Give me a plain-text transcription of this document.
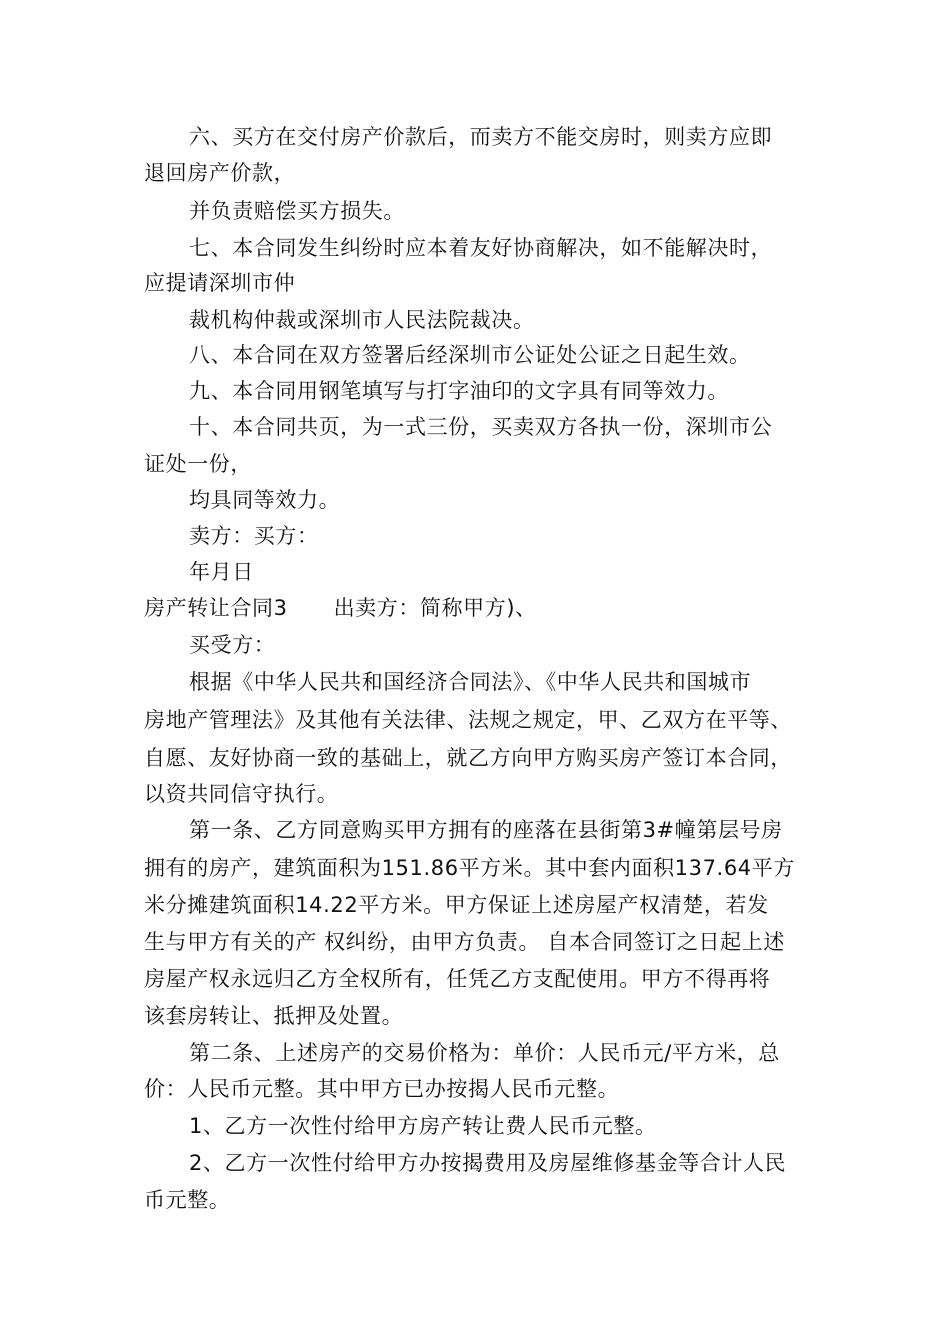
六、买方在交付房产价款后，而卖方不能交房时，则卖方应即
退回房产价款，
并负责赔偿买方损失。
七、本合同发生纠纷时应本着友好协商解决，如不能解决时，
应提请深圳市仲
裁机构仲裁或深圳市人民法院裁决。
八、本合同在双方签署后经深圳市公证处公证之日起生效。
九、本合同用钢笔填写与打字油印的文字具有同等效力。
十、本合同共页，为一式三份，买卖双方各执一份，深圳市公
证处一份，
均具同等效力。
卖方：买方：
年月日
房产转让合同3 出卖方：简称甲方)、
买受方：
根据《中华人民共和国经济合同法》、《中华人民共和国城市
房地产管理法》及其他有关法律、法规之规定，甲、乙双方在平等、
自愿、友好协商一致的基础上，就乙方向甲方购买房产签订本合同，
以资共同信守执行。
第一条、乙方同意购买甲方拥有的座落在县街第3#幢第层号房
拥有的房产，建筑面积为151.86平方米。其中套内面积137.64平方
米分摊建筑面积14.22平方米。甲方保证上述房屋产权清楚，若发
生与甲方有关的产 权纠纷，由甲方负责。 自本合同签订之日起上述
房屋产权永远归乙方全权所有，任凭乙方支配使用。甲方不得再将
该套房转让、抵押及处置。
第二条、上述房产的交易价格为：单价：人民币元/平方米，总
价：人民币元整。其中甲方已办按揭人民币元整。
1、乙方一次性付给甲方房产转让费人民币元整。
2、乙方一次性付给甲方办按揭费用及房屋维修基金等合计人民
币元整。
